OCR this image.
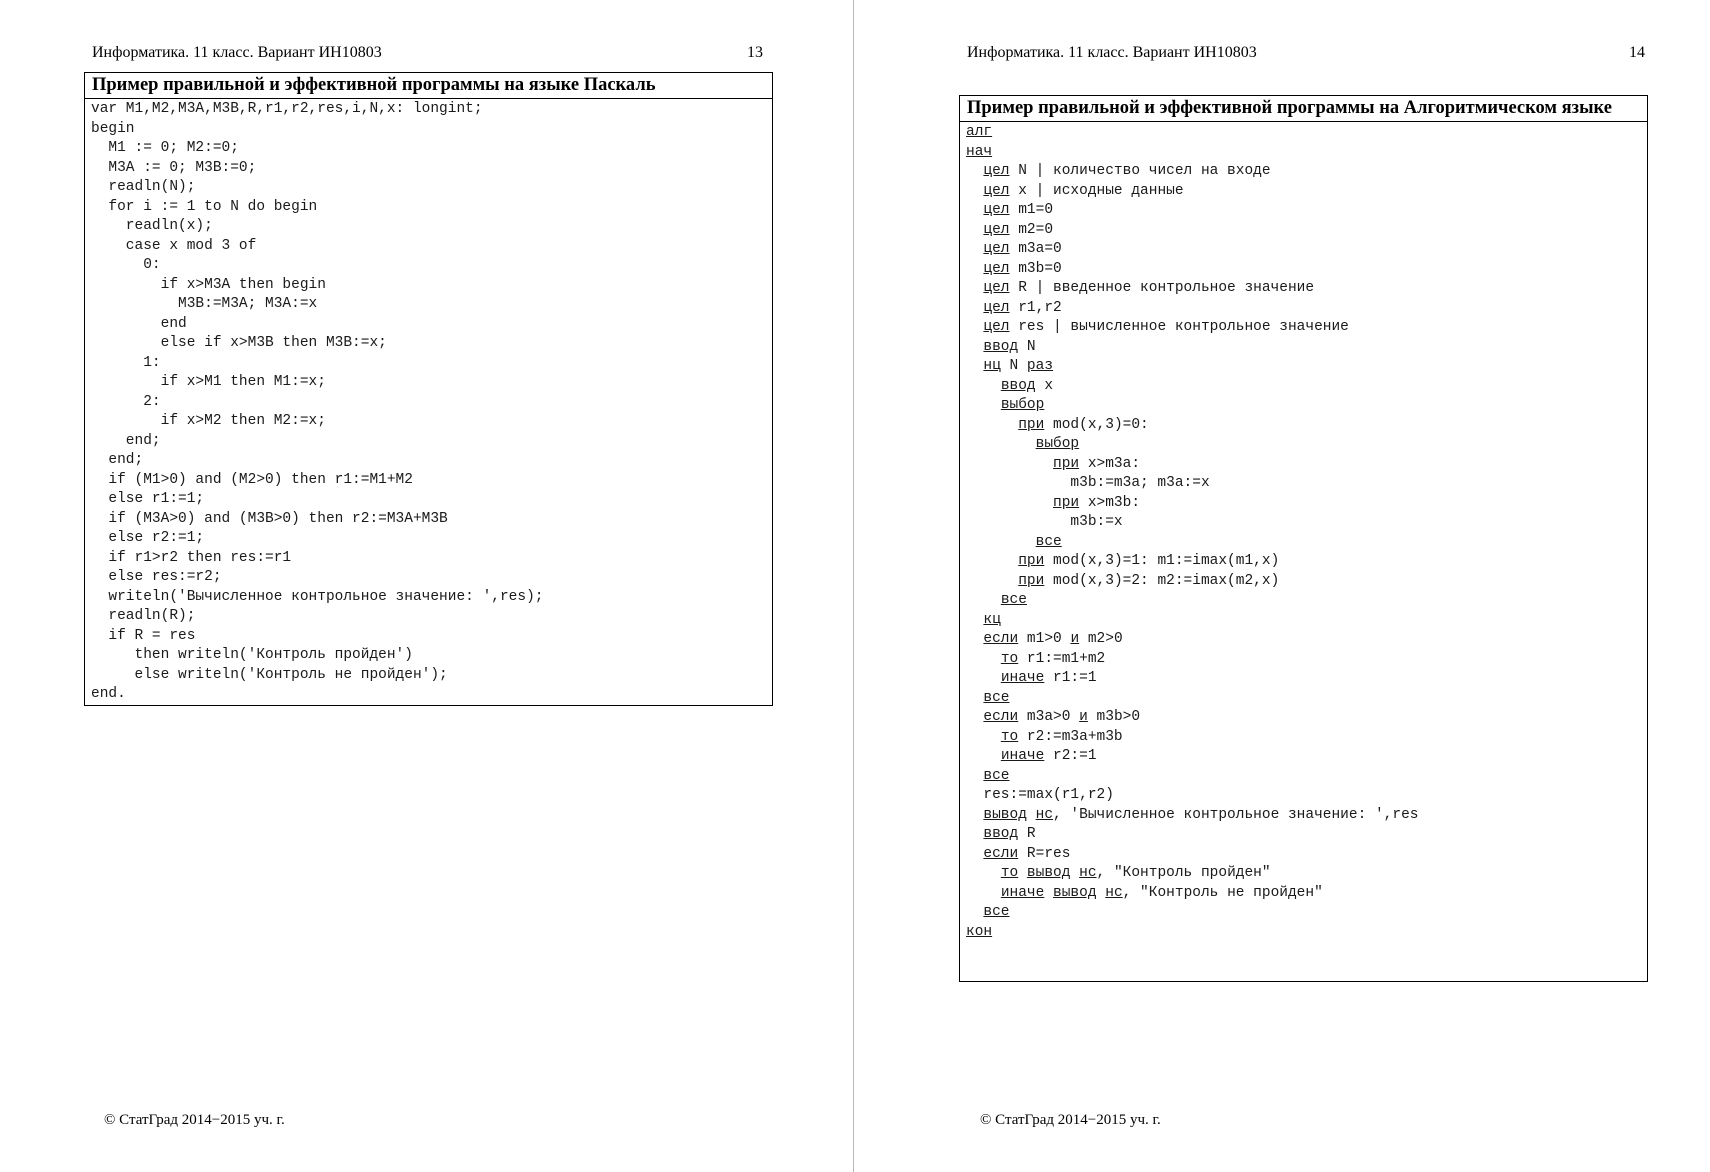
Информатика. 11 класс. Вариант ИН10803	13
Пример правильной и эффективной программы на языке Паскаль
var M1,M2,M3A,M3B,R,r1,r2,res,i,N,x: longint;
begin
M1 := 0; M2:=0;
M3A := 0; M3B:=0;
readln(N);
for i := 1 to N do begin
readln(x);
case x mod 3 of
0:
if x>M3A then begin
M3B:=M3A; M3A:=x
end
else if x>M3B then M3B:=x;
1:
if x>M1 then M1:=x;
2:
if x>M2 then M2:=x;
end;
end;
if (M1>0) and (M2>0) then r1:=M1+M2
else r1:=1;
if (M3A>0) and (M3B>0) then r2:=M3A+M3B
else r2:=1;
if r1>r2 then res:=r1
else res:=r2;
writeln('Вычисленное контрольное значение: ',res);
readln(R);
if R = res
then writeln('Контроль пройден')
else writeln('Контроль не пройден');
end.
© СтатГрад 2014−2015 уч. г.
Информатика. 11 класс. Вариант ИН10803	14
Пример правильной и эффективной программы на Алгоритмическом языке
алг
нач
цел N | количество чисел на входе
цел x | исходные данные
цел m1=0
цел m2=0
цел m3a=0
цел m3b=0
цел R | введенное контрольное значение
цел r1,r2
цел res | вычисленное контрольное значение
ввод N
нц N раз
ввод x
выбор
при mod(x,3)=0:
выбор
при x>m3a:
m3b:=m3a; m3a:=x
при x>m3b:
m3b:=x
все
при mod(x,3)=1: m1:=imax(m1,x)
при mod(x,3)=2: m2:=imax(m2,x)
все
кц
если m1>0 и m2>0
то r1:=m1+m2
иначе r1:=1
все
если m3a>0 и m3b>0
то r2:=m3a+m3b
иначе r2:=1
все
res:=max(r1,r2)
вывод нс, 'Вычисленное контрольное значение: ',res
ввод R
если R=res
то вывод нс, "Контроль пройден"
иначе вывод нс, "Контроль не пройден"
все
кон
© СтатГрад 2014−2015 уч. г.
